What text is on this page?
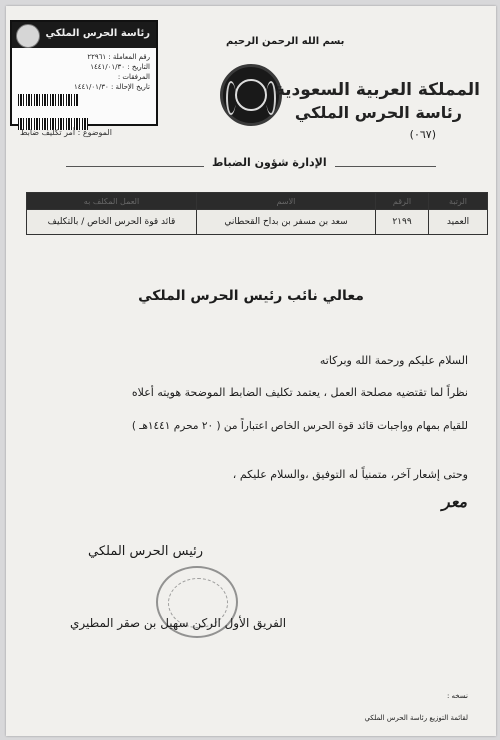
رئاسة الحرس الملكي
رقم المعاملة : ٢٢٩٦١
التاريخ : ١٤٤١/٠١/٣٠
المرفقات :
تاريخ الإحالة : ١٤٤١/٠١/٣٠
الموضوع : أمر تكليف ضابط
بسم الله الرحمن الرحيم
المملكة العربية السعودية
رئاسة الحرس الملكي
(٠٦٧)
الإدارة شؤون الضباط
الرتبة	الرقم	الاسم	العمل المكلف به
العميد	٢١٩٩	سعد بن مسفر بن بداح القحطاني	قائد قوة الحرس الخاص / بالتكليف
معالي نائب رئيس الحرس الملكي
السلام عليكم ورحمة الله وبركاته
نظراً لما تقتضيه مصلحة العمل ، يعتمد تكليف الضابط الموضحة هويته أعلاه
للقيام بمهام وواجبات قائد قوة الحرس الخاص اعتباراً من ( ٢٠ محرم ١٤٤١هـ )
وحتى إشعار آخر، متمنياً له التوفيق ،والسلام عليكم ،
معر
رئيس الحرس الملكي
الفريق الأول الركن سهيل بن صقر المطيري
نسخه :
لقائمة التوزيع رئاسة الحرس الملكي
